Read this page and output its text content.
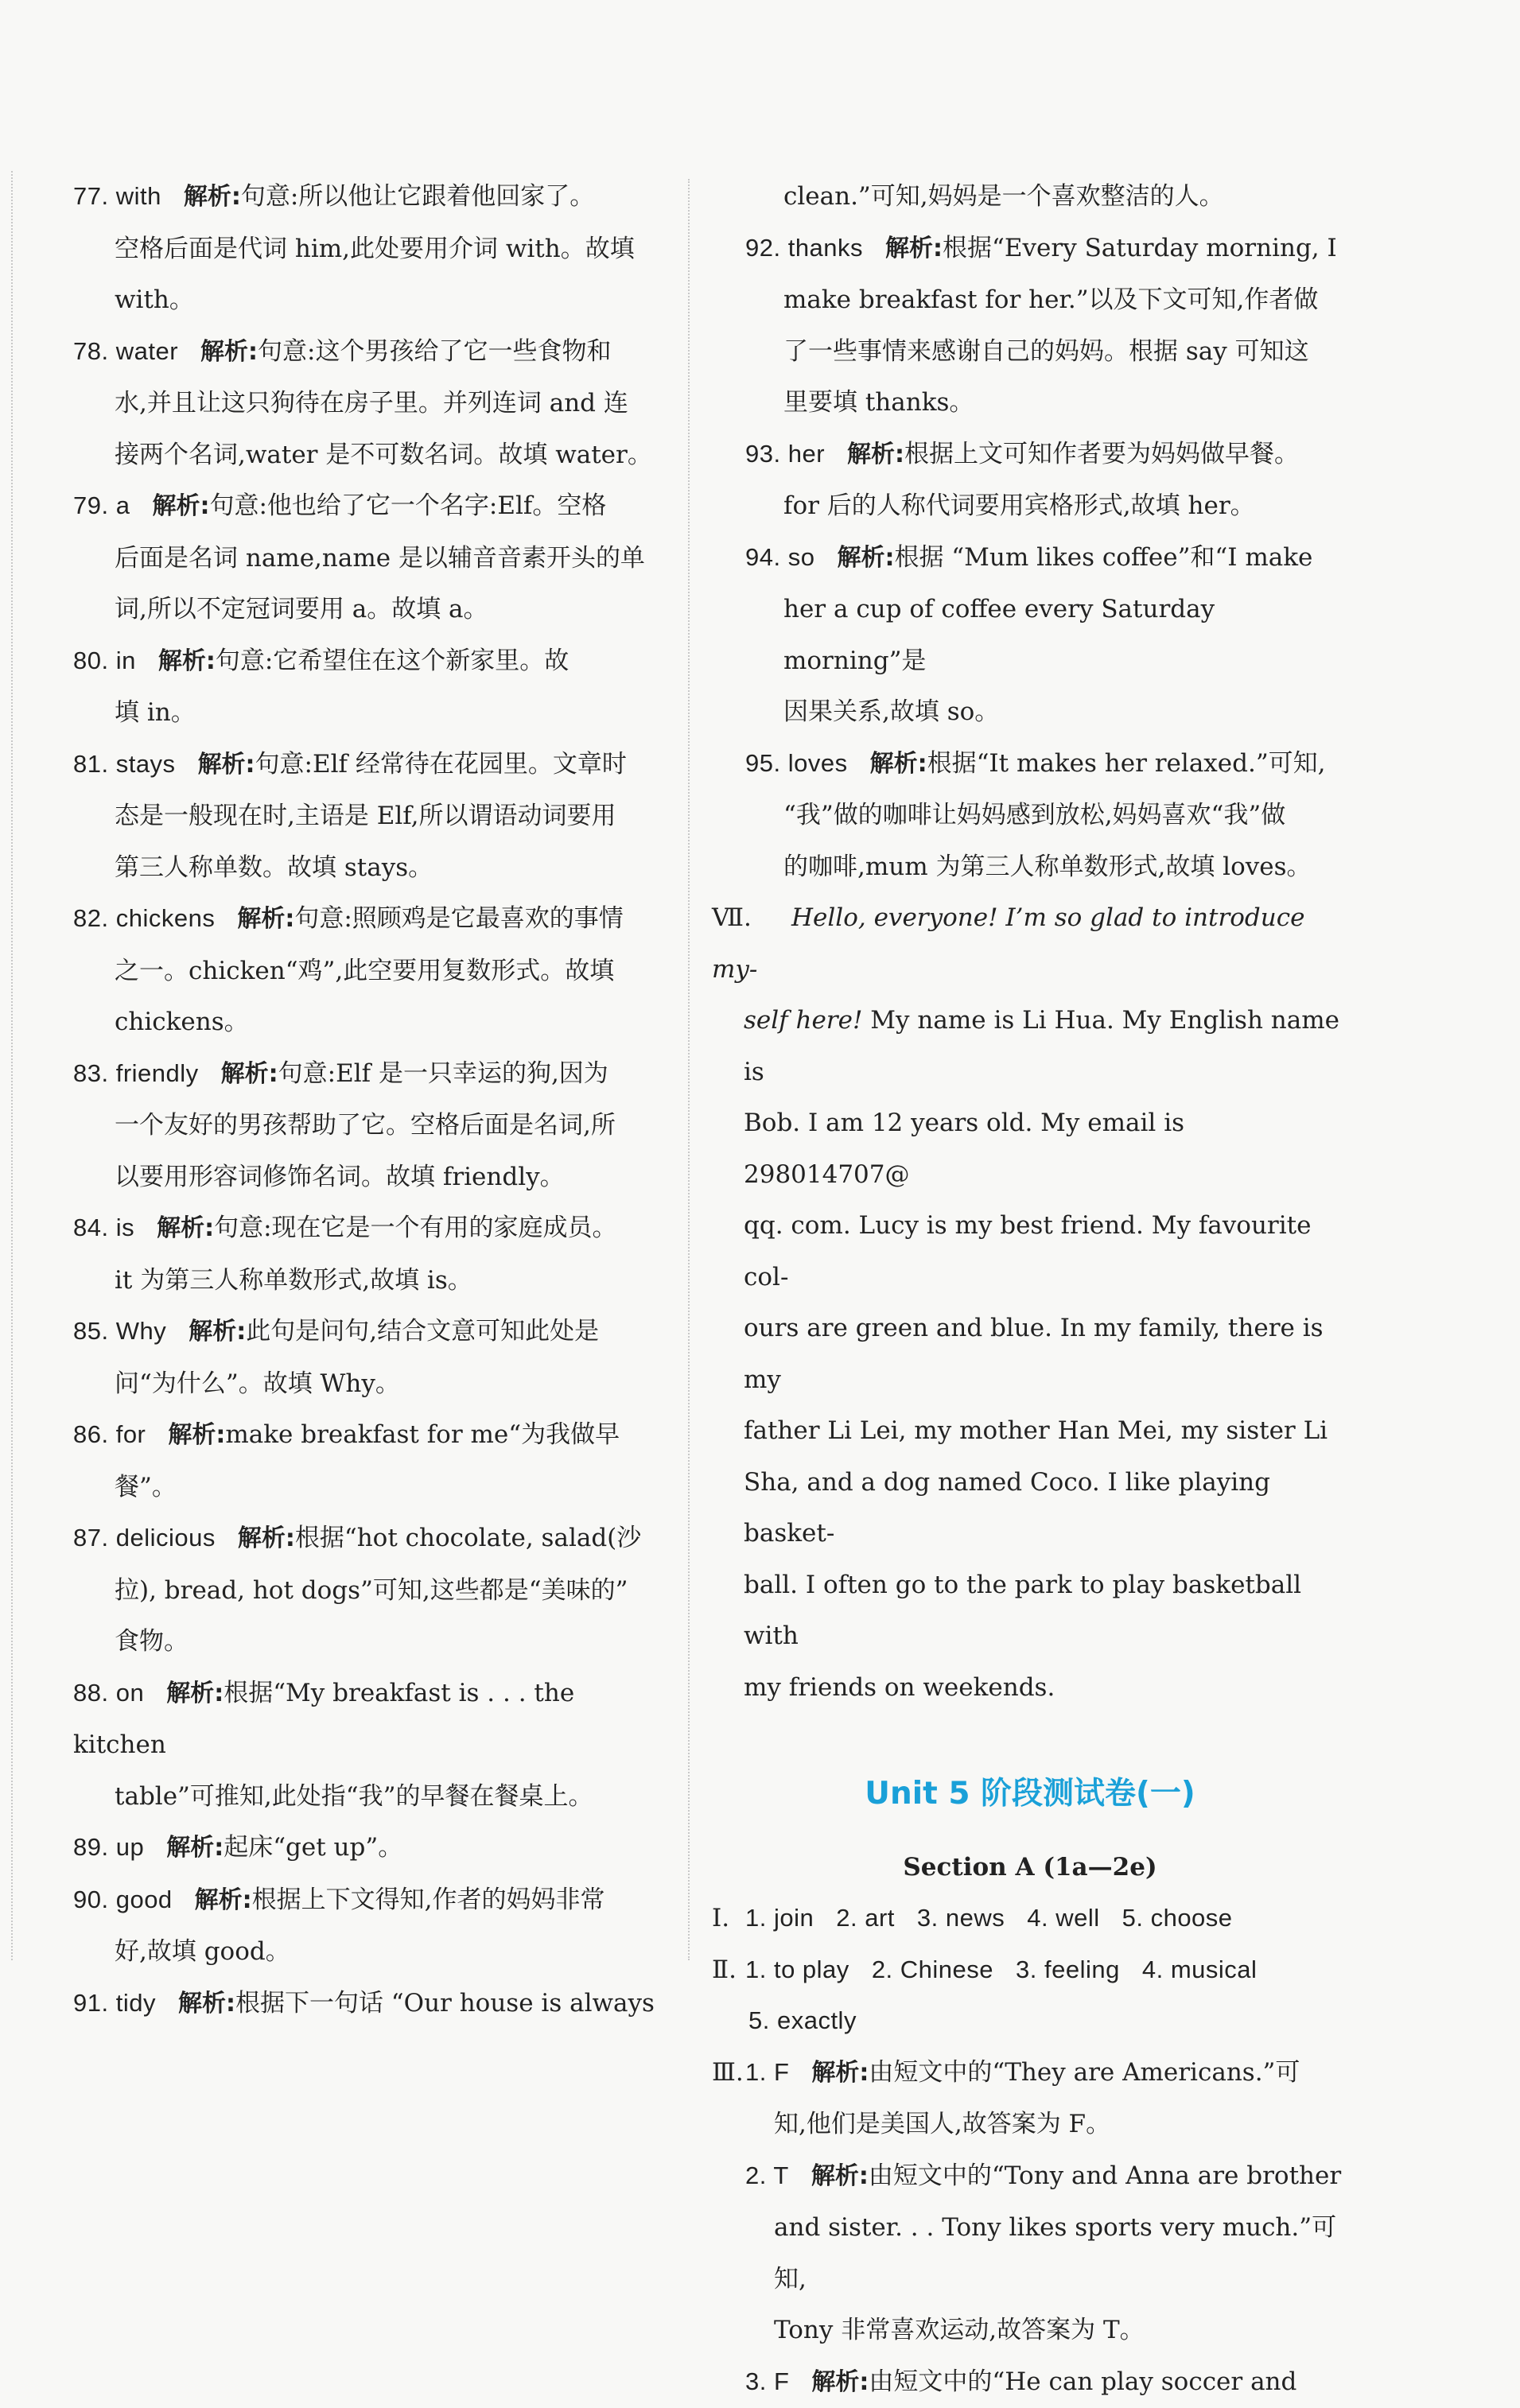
77. with 解析:句意:所以他让它跟着他回家了。

空格后面是代词 him,此处要用介词 with。故填

with。

78. water 解析:句意:这个男孩给了它一些食物和

水,并且让这只狗待在房子里。并列连词 and 连

接两个名词,water 是不可数名词。故填 water。

79. a 解析:句意:他也给了它一个名字:Elf。空格

后面是名词 name,name 是以辅音音素开头的单

词,所以不定冠词要用 a。故填 a。

80. in 解析:句意:它希望住在这个新家里。故

填 in。

81. stays 解析:句意:Elf 经常待在花园里。文章时

态是一般现在时,主语是 Elf,所以谓语动词要用

第三人称单数。故填 stays。

82. chickens 解析:句意:照顾鸡是它最喜欢的事情

之一。chicken“鸡”,此空要用复数形式。故填

chickens。

83. friendly 解析:句意:Elf 是一只幸运的狗,因为

一个友好的男孩帮助了它。空格后面是名词,所

以要用形容词修饰名词。故填 friendly。

84. is 解析:句意:现在它是一个有用的家庭成员。

it 为第三人称单数形式,故填 is。

85. Why 解析:此句是问句,结合文意可知此处是

问“为什么”。故填 Why。

86. for 解析:make breakfast for me“为我做早

餐”。

87. delicious 解析:根据“hot chocolate, salad(沙

拉), bread, hot dogs”可知,这些都是“美味的”

食物。

88. on 解析:根据“My breakfast is . . . the kitchen

table”可推知,此处指“我”的早餐在餐桌上。

89. up 解析:起床“get up”。

90. good 解析:根据上下文得知,作者的妈妈非常

好,故填 good。

91. tidy 解析:根据下一句话 “Our house is always

clean.”可知,妈妈是一个喜欢整洁的人。

92. thanks 解析:根据“Every Saturday morning, I

make breakfast for her.”以及下文可知,作者做

了一些事情来感谢自己的妈妈。根据 say 可知这

里要填 thanks。

93. her 解析:根据上文可知作者要为妈妈做早餐。

for 后的人称代词要用宾格形式,故填 her。

94. so 解析:根据 “Mum likes coffee”和“I make

her a cup of coffee every Saturday morning”是

因果关系,故填 so。

95. loves 解析:根据“It makes her relaxed.”可知,

“我”做的咖啡让妈妈感到放松,妈妈喜欢“我”做

的咖啡,mum 为第三人称单数形式,故填 loves。

Ⅶ. Hello, everyone! I’m so glad to introduce my-

self here! My name is Li Hua. My English name is

Bob. I am 12 years old. My email is 298014707@

qq. com. Lucy is my best friend. My favourite col-

ours are green and blue. In my family, there is my

father Li Lei, my mother Han Mei, my sister Li

Sha, and a dog named Coco. I like playing basket-

ball. I often go to the park to play basketball with

my friends on weekends.

Unit 5 阶段测试卷(一)
Section A (1a—2e)

Ⅰ. 1. join 2. art 3. news 4. well 5. choose

Ⅱ. 1. to play 2. Chinese 3. feeling 4. musical

5. exactly

Ⅲ.1. F 解析:由短文中的“They are Americans.”可

知,他们是美国人,故答案为 F。

2. T 解析:由短文中的“Tony and Anna are brother

and sister. . . Tony likes sports very much.”可知,

Tony 非常喜欢运动,故答案为 T。

3. F 解析:由短文中的“He can play soccer and
